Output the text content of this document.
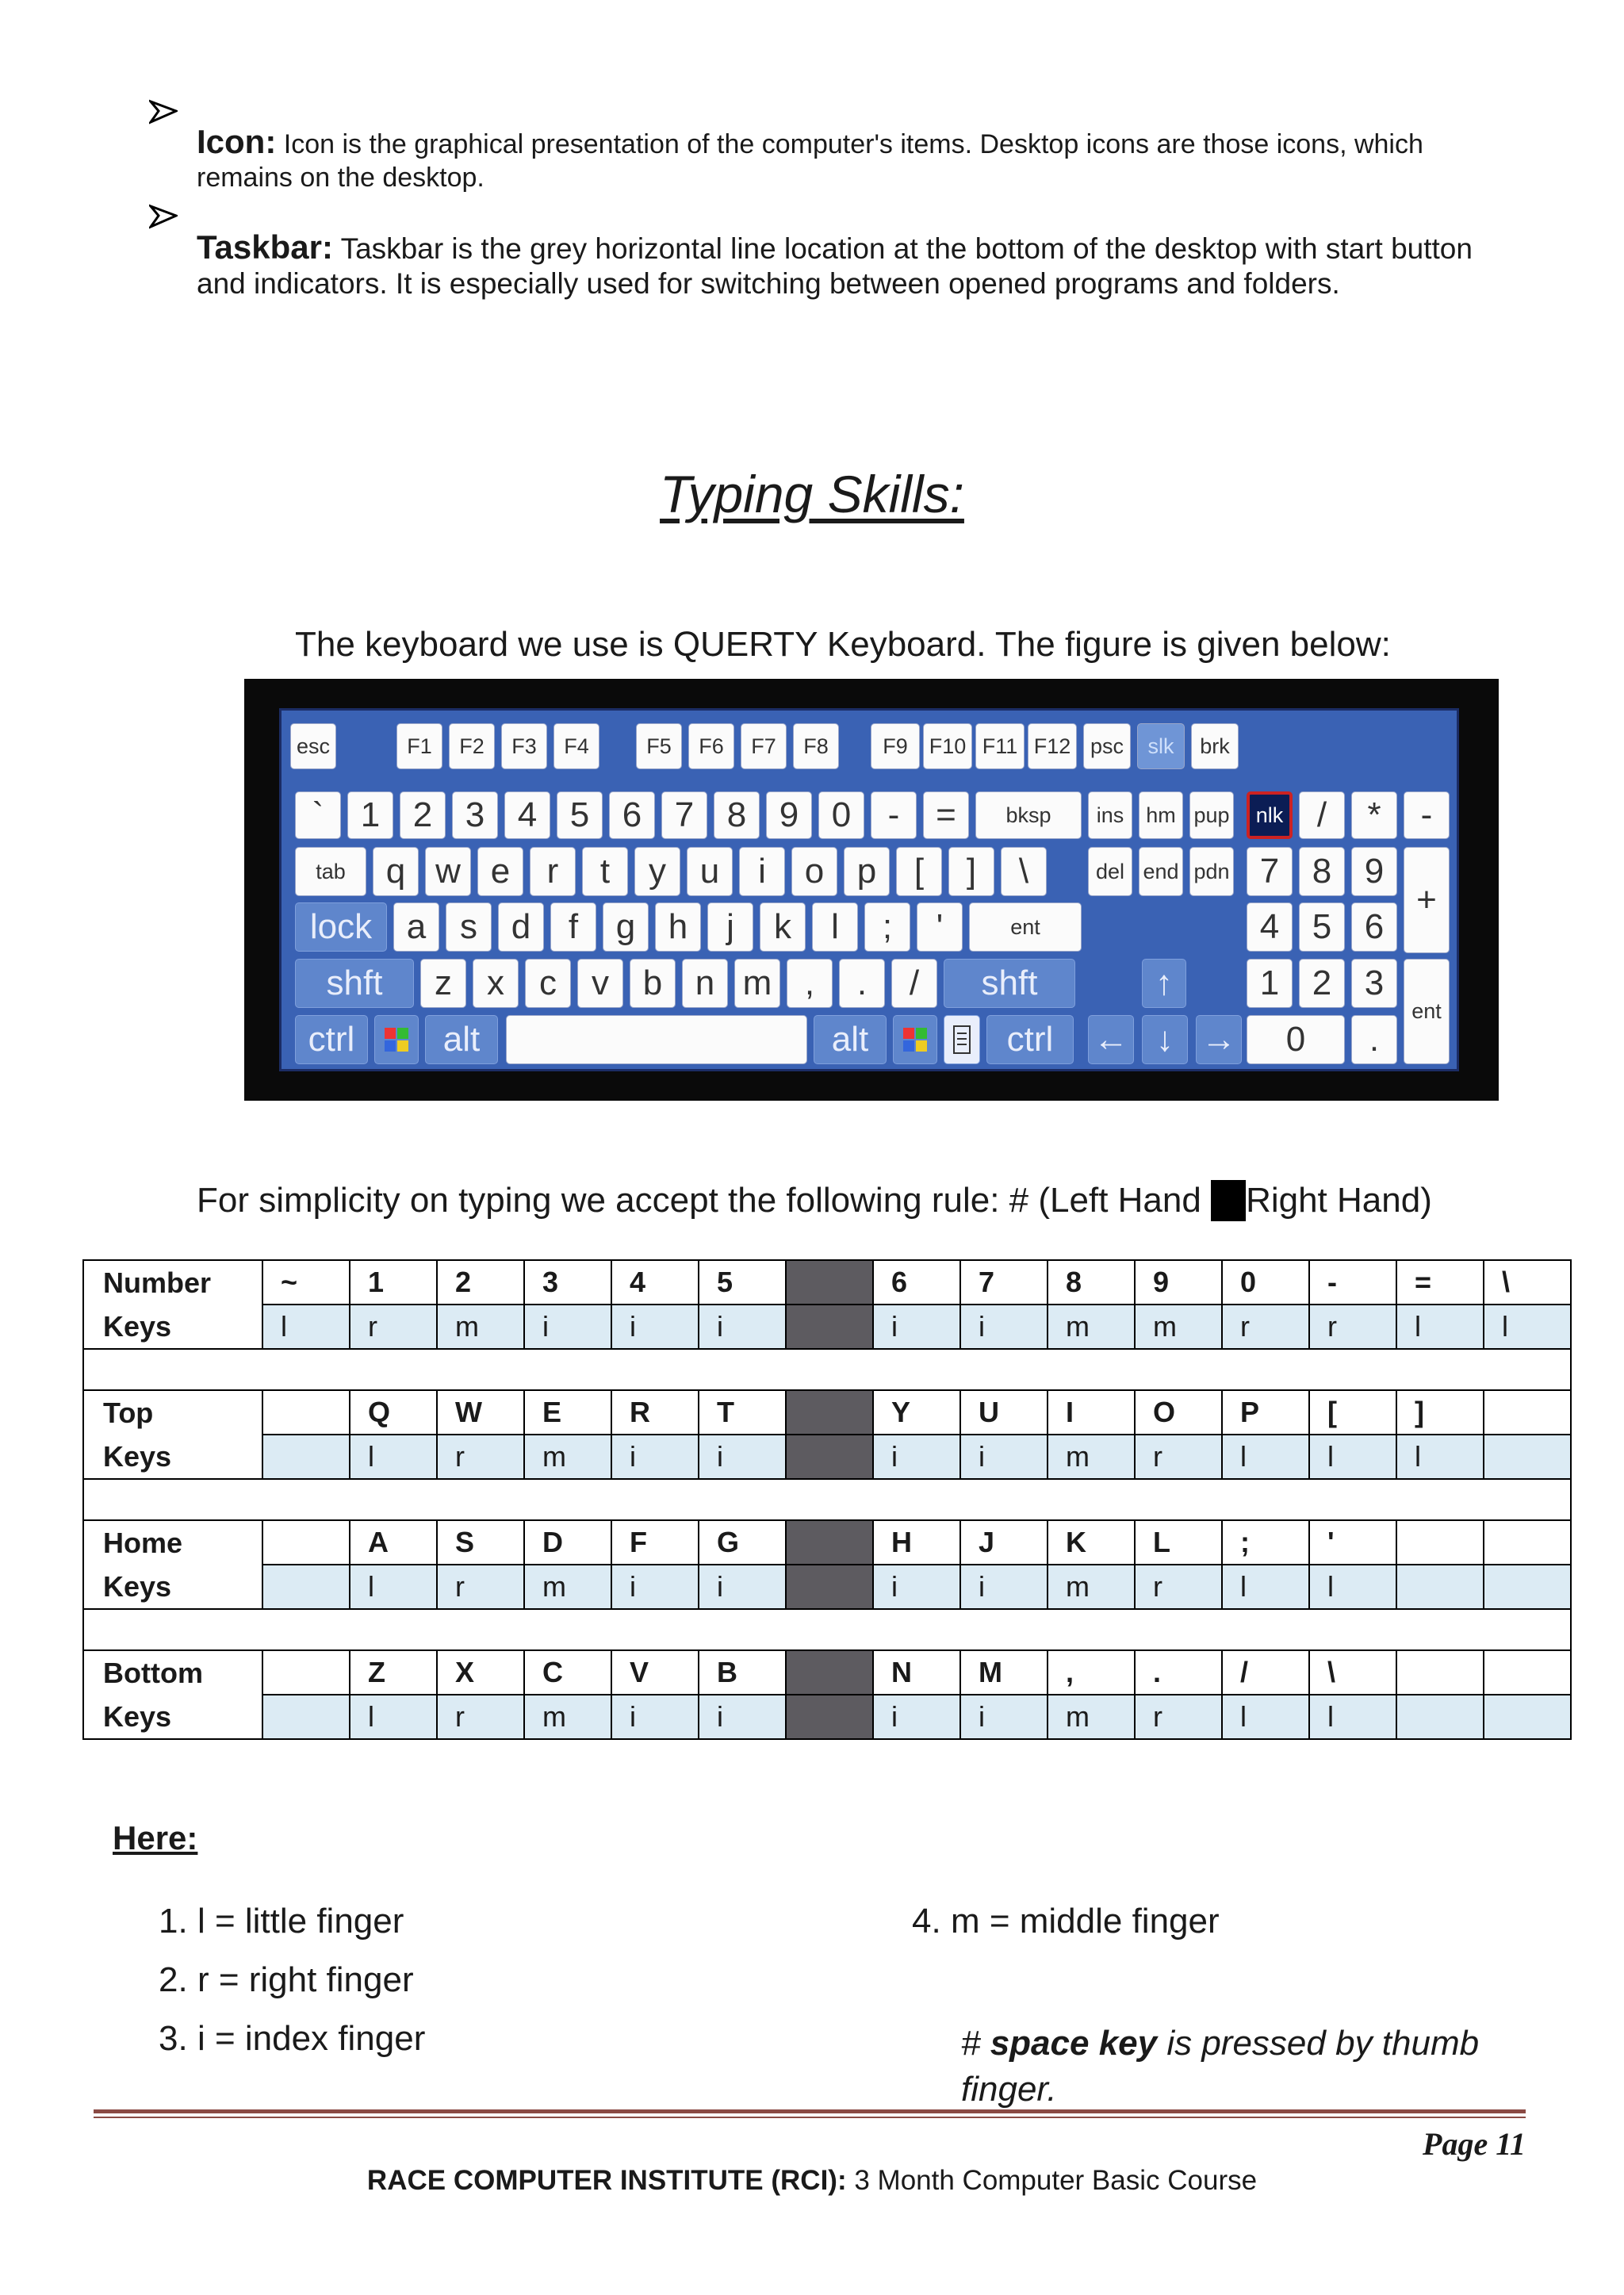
Icon: Icon is the graphical presentation of the computer's items. Desktop icons are those icons, which remains on the desktop.
Taskbar: Taskbar is the grey horizontal line location at the bottom of the desktop with start button and indicators. It is especially used for switching between opened programs and folders.
Typing Skills:
The keyboard we use is QUERTY Keyboard. The figure is given below:
esc	F1	F2	F3	F4	F5	F6	F7	F8	F9 F10 F11 F12 psc	slk	brk
`	1 2 3 4 5 6 7 8 9 0	-	=	bksp	ins	hm pup	nlk /	*	-
tab	q w e	r	t	y u	i	o p	[	]	\	del end pdn 7 8 9
+
lock a s d	f	g h	j	k	l	;	'	ent	4 5 6
shft	z	x	c	v b n m ,	.	/	shft	↑	1 2 3
ctrl	alt	alt	ctrl	← ↓ →	0	.
ent
For simplicity on typing we accept the following rule: # (Left Hand Right Hand)
Number	~	1	2	3	4	5		6	7	8	9	0	-	=	\
Keys	l	r	m	i	i	i		i	i	m	m	r	r	l	l

Top		Q	W	E	R	T		Y	U	I	O	P	[	]	
Keys		l	r	m	i	i		i	i	m	r	l	l	l	

Home		A	S	D	F	G		H	J	K	L	;	'		
Keys		l	r	m	i	i		i	i	m	r	l	l		

Bottom		Z	X	C	V	B		N	M	,	.	/	\		
Keys		l	r	m	i	i		i	i	m	r	l	l		
Here:
1. l = little finger
2. r = right finger
3. i = index finger
4. m = middle finger
# space key is pressed by thumb finger.
Page 11
RACE COMPUTER INSTITUTE (RCI): 3 Month Computer Basic Course
